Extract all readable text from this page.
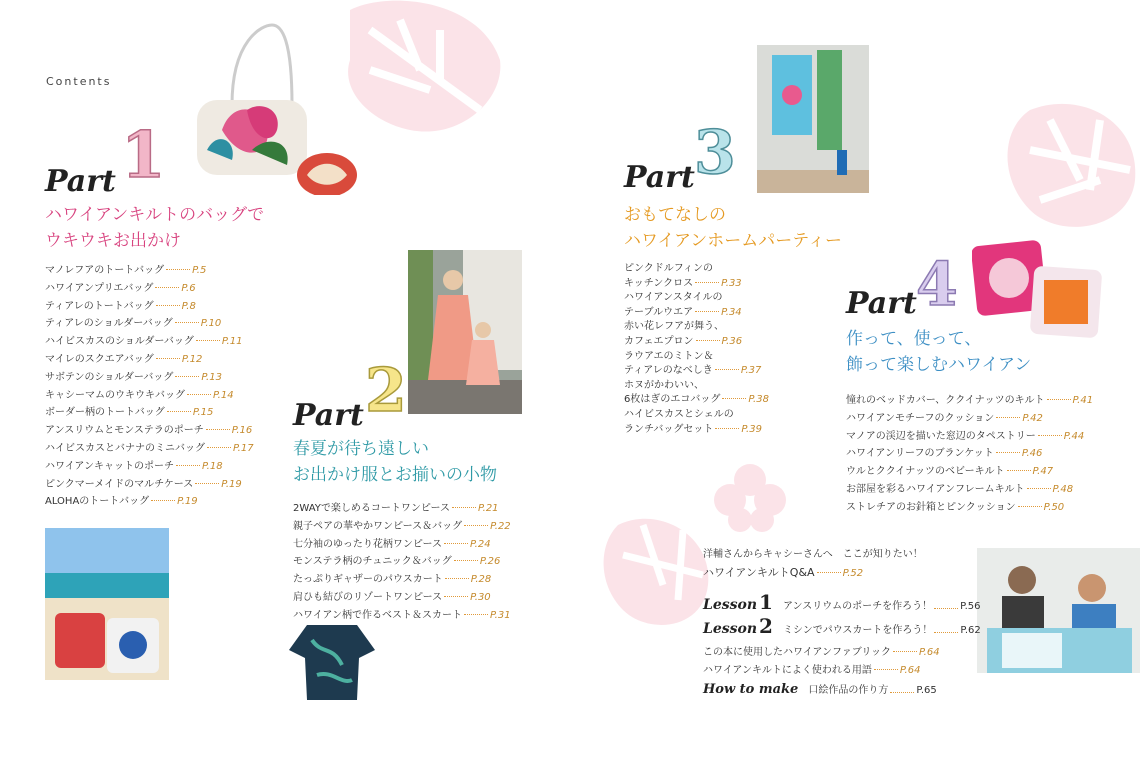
Contents
Part 1
ハワイアンキルトのバッグで
ウキウキお出かけ
マノレフアのトートバッグ	P.5
ハワイアンプリエバッグ	P.6
ティアレのトートバッグ	P.8
ティアレのショルダーバッグ	P.10
ハイビスカスのショルダーバッグ	P.11
マイレのスクエアバッグ	P.12
サボテンのショルダーバッグ	P.13
キャシーマムのウキウキバッグ	P.14
ボーダー柄のトートバッグ	P.15
アンスリウムとモンステラのポーチ	P.16
ハイビスカスとバナナのミニバッグ	P.17
ハワイアンキャットのポーチ	P.18
ピンクマーメイドのマルチケース	P.19
ALOHAのトートバッグ	P.19
Part 2
春夏が待ち遠しい
お出かけ服とお揃いの小物
2WAYで楽しめるコートワンピース	P.21
親子ペアの華やかワンピース＆バッグ	P.22
七分袖のゆったり花柄ワンピース	P.24
モンステラ柄のチュニック＆バッグ	P.26
たっぷりギャザーのパウスカート	P.28
肩ひも結びのリゾートワンピース	P.30
ハワイアン柄で作るベスト＆スカート	P.31
Part 3
おもてなしの
ハワイアンホームパーティー
ピンクドルフィンの
キッチンクロス	P.33
ハワイアンスタイルの
テーブルウエア	P.34
赤い花レフアが舞う、
カフェエプロン	P.36
ラウアエのミトン＆
ティアレのなべしき	P.37
ホヌがかわいい、
6枚はぎのエコバッグ	P.38
ハイビスカスとシェルの
ランチバッグセット	P.39
Part 4
作って、使って、
飾って楽しむハワイアン
憧れのベッドカバー、ククイナッツのキルト	P.41
ハワイアンモチーフのクッション	P.42
マノアの渓辺を描いた窓辺のタペストリー	P.44
ハワイアンリーフのブランケット	P.46
ウルとククイナッツのベビーキルト	P.47
お部屋を彩るハワイアンフレームキルト	P.48
ストレチアのお針箱とピンクッション	P.50
洋輔さんからキャシーさんへ　ここが知りたい！
ハワイアンキルトQ&A	P.52
Lesson 1 アンスリウムのポーチを作ろう！	P.56
Lesson 2 ミシンでパウスカートを作ろう！	P.62
この本に使用したハワイアンファブリック	P.64
ハワイアンキルトによく使われる用語	P.64
How to make 口絵作品の作り方	P.65
